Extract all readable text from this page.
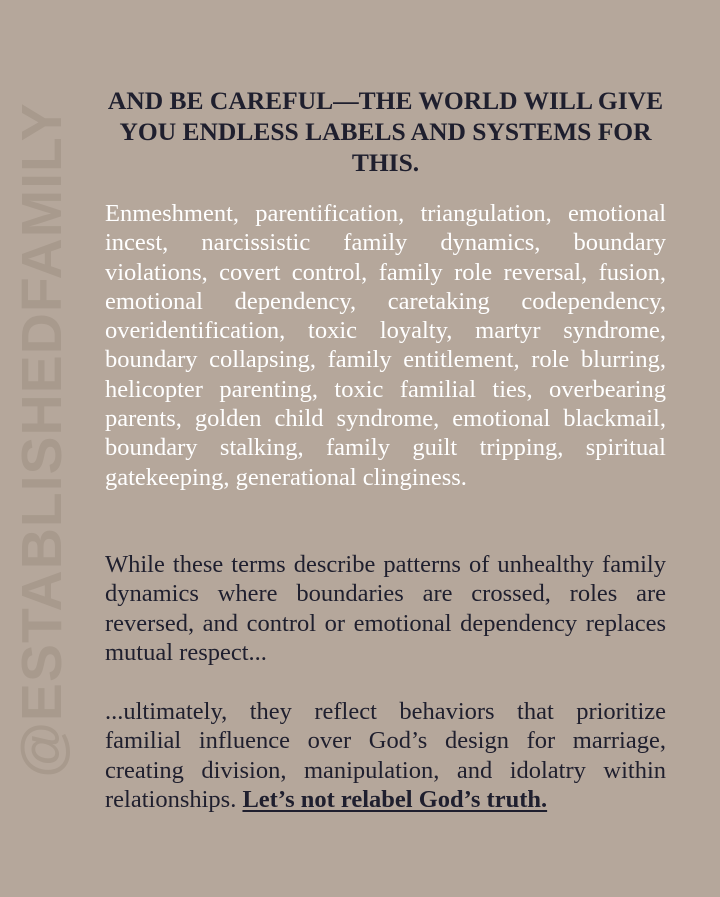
@ESTABLISHEDFAMILY
AND BE CAREFUL—THE WORLD WILL GIVE YOU ENDLESS LABELS AND SYSTEMS FOR THIS.

Enmeshment, parentification, triangulation, emotional incest, narcissistic family dynamics, boundary violations, covert control, family role reversal, fusion, emotional dependency, caretaking codependency, overidentification, toxic loyalty, martyr syndrome, boundary collapsing, family entitlement, role blurring, helicopter parenting, toxic familial ties, overbearing parents, golden child syndrome, emotional blackmail, boundary stalking, family guilt tripping, spiritual gatekeeping, generational clinginess.

While these terms describe patterns of unhealthy family dynamics where boundaries are crossed, roles are reversed, and control or emotional dependency replaces mutual respect...

...ultimately, they reflect behaviors that prioritize familial influence over God’s design for marriage, creating division, manipulation, and idolatry within relationships. Let’s not relabel God’s truth.
